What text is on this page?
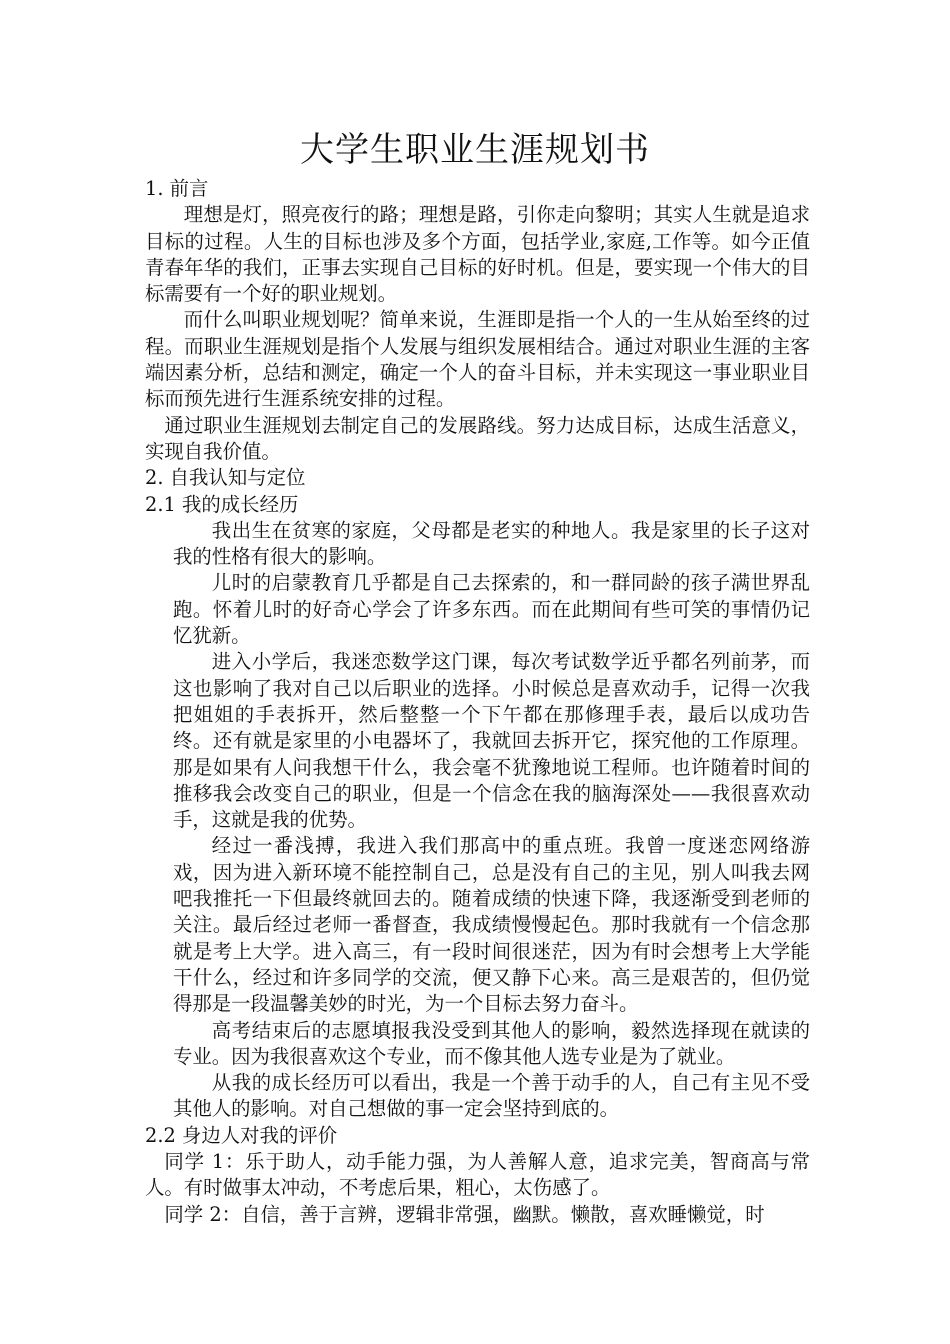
大学生职业生涯规划书

1. 前言

理想是灯，照亮夜行的路；理想是路，引你走向黎明；其实人生就是追求目标的过程。人生的目标也涉及多个方面，包括学业,家庭,工作等。如今正值青春年华的我们，正事去实现自己目标的好时机。但是，要实现一个伟大的目标需要有一个好的职业规划。

而什么叫职业规划呢？简单来说，生涯即是指一个人的一生从始至终的过程。而职业生涯规划是指个人发展与组织发展相结合。通过对职业生涯的主客端因素分析，总结和测定，确定一个人的奋斗目标，并未实现这一事业职业目标而预先进行生涯系统安排的过程。

通过职业生涯规划去制定自己的发展路线。努力达成目标，达成生活意义，实现自我价值。

2. 自我认知与定位

2.1 我的成长经历

我出生在贫寒的家庭，父母都是老实的种地人。我是家里的长子这对我的性格有很大的影响。

儿时的启蒙教育几乎都是自己去探索的，和一群同龄的孩子满世界乱跑。怀着儿时的好奇心学会了许多东西。而在此期间有些可笑的事情仍记忆犹新。

进入小学后，我迷恋数学这门课，每次考试数学近乎都名列前茅，而这也影响了我对自己以后职业的选择。小时候总是喜欢动手，记得一次我把姐姐的手表拆开，然后整整一个下午都在那修理手表，最后以成功告终。还有就是家里的小电器坏了，我就回去拆开它，探究他的工作原理。那是如果有人问我想干什么，我会毫不犹豫地说工程师。也许随着时间的推移我会改变自己的职业，但是一个信念在我的脑海深处——我很喜欢动手，这就是我的优势。

经过一番浅搏，我进入我们那高中的重点班。我曾一度迷恋网络游戏，因为进入新环境不能控制自己，总是没有自己的主见，别人叫我去网吧我推托一下但最终就回去的。随着成绩的快速下降，我逐渐受到老师的关注。最后经过老师一番督查，我成绩慢慢起色。那时我就有一个信念那就是考上大学。进入高三，有一段时间很迷茫，因为有时会想考上大学能干什么，经过和许多同学的交流，便又静下心来。高三是艰苦的，但仍觉得那是一段温馨美妙的时光，为一个目标去努力奋斗。

高考结束后的志愿填报我没受到其他人的影响，毅然选择现在就读的专业。因为我很喜欢这个专业，而不像其他人选专业是为了就业。

从我的成长经历可以看出，我是一个善于动手的人，自己有主见不受其他人的影响。对自己想做的事一定会坚持到底的。

2.2 身边人对我的评价

同学 1：乐于助人，动手能力强，为人善解人意，追求完美，智商高与常人。有时做事太冲动，不考虑后果，粗心，太伤感了。

同学 2：自信，善于言辨，逻辑非常强，幽默。懒散，喜欢睡懒觉，时
